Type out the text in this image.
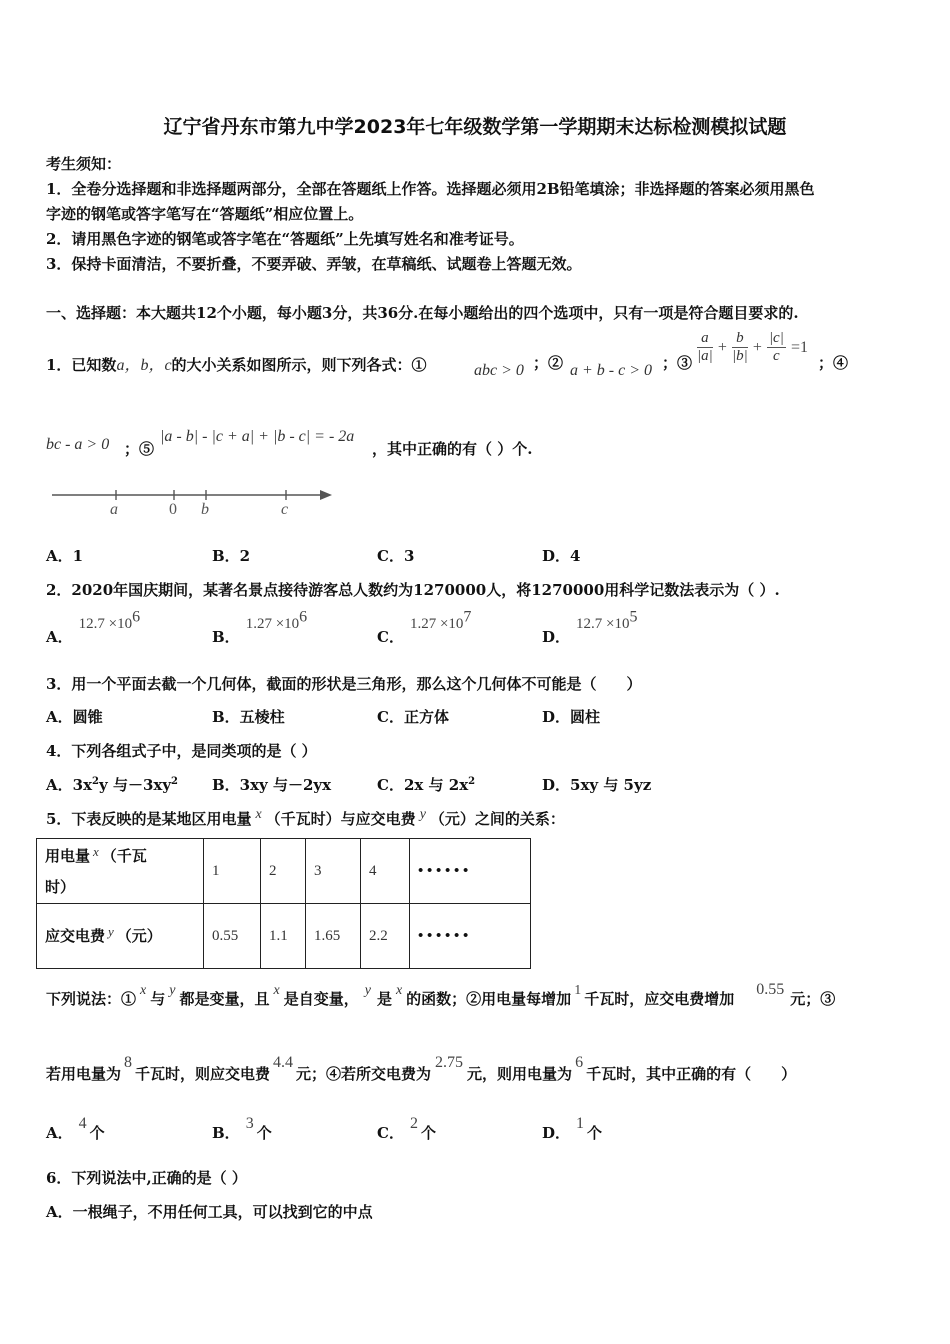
辽宁省丹东市第九中学2023年七年级数学第一学期期末达标检测模拟试题
考生须知：
1．全卷分选择题和非选择题两部分，全部在答题纸上作答。选择题必须用2B铅笔填涂；非选择题的答案必须用黑色
字迹的钢笔或答字笔写在“答题纸”相应位置上。
2．请用黑色字迹的钢笔或答字笔在“答题纸”上先填写姓名和准考证号。
3．保持卡面清洁，不要折叠，不要弄破、弄皱，在草稿纸、试题卷上答题无效。
一、选择题：本大题共12个小题，每小题3分，共36分.在每小题给出的四个选项中，只有一项是符合题目要求的.
1．已知数a，b，c的大小关系如图所示，则下列各式：①	abc > 0 ；② a + b - c > 0 ；③ $\frac{a}{|a|} + \frac{b}{|b|} + \frac{|c|}{c} =1$
；④
bc - a > 0 ；⑤
|a - b| - |c + a| + |b - c| = - 2a
，其中正确的有（ ）个.
a	0 b	c
A．1	B．2	C．3	D．4
2．2020年国庆期间，某著名景点接待游客总人数约为1270000人，将1270000用科学记数法表示为（ ）.
A．$12.7 \times 10^6$
B．$1.27 \times 10^6$
C．$1.27 \times 10^7$
D．$12.7 \times 10^5$
3．用一个平面去截一个几何体，截面的形状是三角形，那么这个几何体不可能是（　　）
A．圆锥	B．五棱柱	C．正方体	D．圆柱
4．下列各组式子中，是同类项的是（ ）
A．$3x^2y$ 与$-3xy^2$ B．3xy 与－2yx	C．2x 与 $2x^2$	D．5xy 与 5yz
5．下表反映的是某地区用电量 x （千瓦时）与应交电费 y （元）之间的关系：
用电量 x （千瓦
时）	1	2	3	4	• • • • • •
应交电费 y （元）	0.55	1.1	1.65	2.2	• • • • • •
下列说法：① x 与 y 都是变量，且 x 是自变量， y 是 x 的函数；②用电量每增加 1 千瓦时，应交电费增加0.55元；③
若用电量为8千瓦时，则应交电费4.4元；④若所交电费为2.75元，则用电量为6千瓦时，其中正确的有（　　）
A．4个	B．3个	C．2个	D．1个
6．下列说法中,正确的是（ ）
A．一根绳子，不用任何工具，可以找到它的中点
